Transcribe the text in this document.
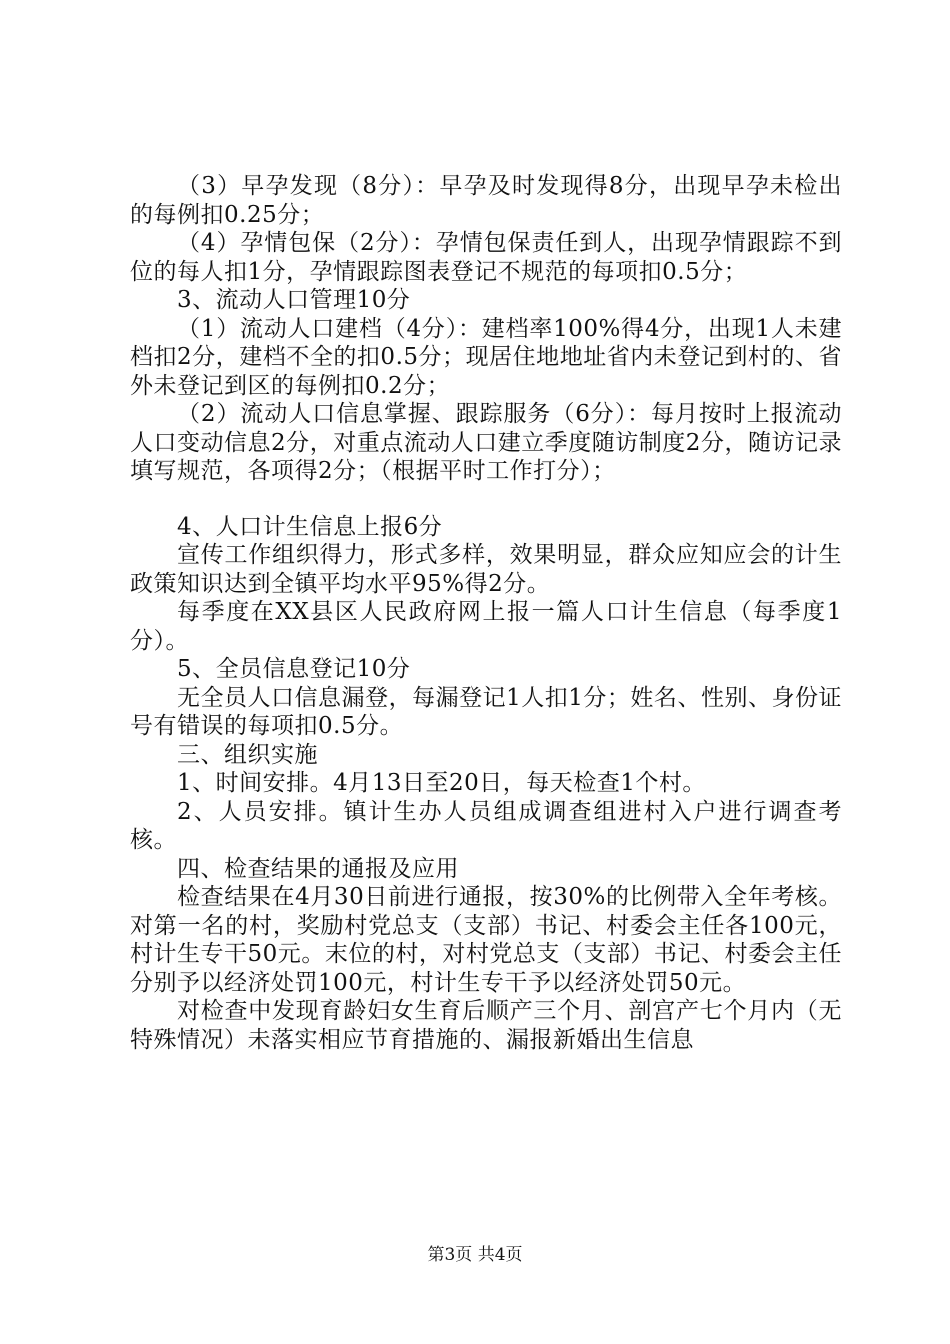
（3）早孕发现（8分）：早孕及时发现得8分，出现早孕未检出的每例扣0.25分；

（4）孕情包保（2分）：孕情包保责任到人，出现孕情跟踪不到位的每人扣1分，孕情跟踪图表登记不规范的每项扣0.5分；

3、流动人口管理10分

（1）流动人口建档（4分）：建档率100%得4分，出现1人未建档扣2分，建档不全的扣0.5分；现居住地地址省内未登记到村的、省外未登记到区的每例扣0.2分；

（2）流动人口信息掌握、跟踪服务（6分）：每月按时上报流动人口变动信息2分，对重点流动人口建立季度随访制度2分，随访记录填写规范，各项得2分；（根据平时工作打分）；

4、人口计生信息上报6分

宣传工作组织得力，形式多样，效果明显，群众应知应会的计生政策知识达到全镇平均水平95%得2分。

每季度在XX县区人民政府网上报一篇人口计生信息（每季度1分）。

5、全员信息登记10分

无全员人口信息漏登，每漏登记1人扣1分；姓名、性别、身份证号有错误的每项扣0.5分。

三、组织实施

1、时间安排。4月13日至20日，每天检查1个村。

2、人员安排。镇计生办人员组成调查组进村入户进行调查考核。

四、检查结果的通报及应用

检查结果在4月30日前进行通报，按30%的比例带入全年考核。对第一名的村，奖励村党总支（支部）书记、村委会主任各100元，村计生专干50元。末位的村，对村党总支（支部）书记、村委会主任分别予以经济处罚100元，村计生专干予以经济处罚50元。

对检查中发现育龄妇女生育后顺产三个月、剖宫产七个月内（无特殊情况）未落实相应节育措施的、漏报新婚出生信息

第3页 共4页
